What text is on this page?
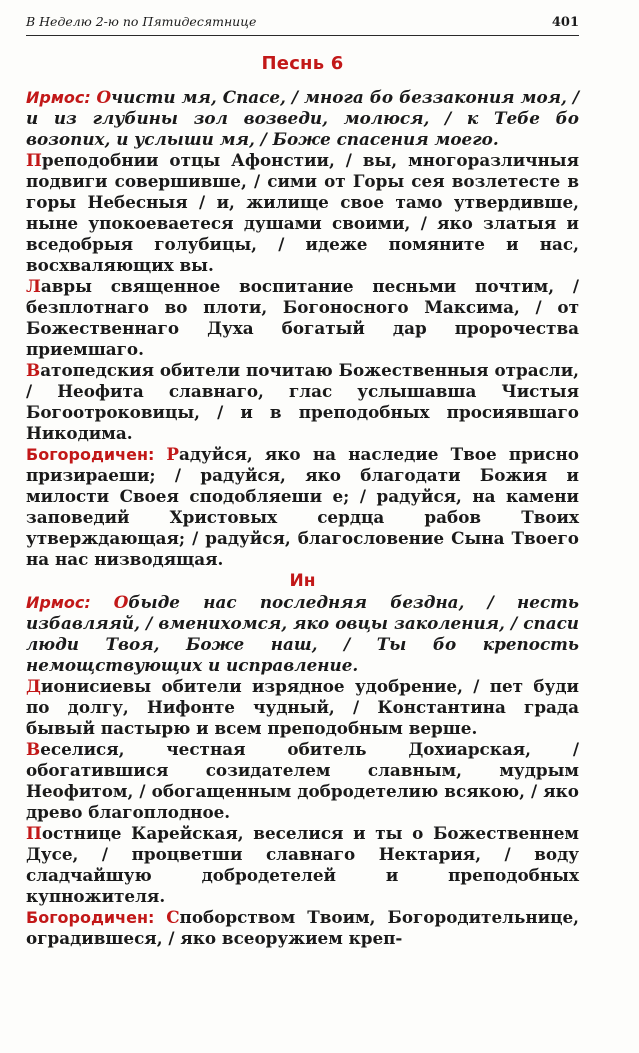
В Неделю 2-ю по Пятидесятнице	401
Песнь 6

Ирмос: Очисти мя, Спасе, / многа бо беззакония моя, / и из глубины зол возведи, молюся, / к Тебе бо возопих, и услыши мя, / Боже спасения моего.

Преподобнии отцы Афонстии, / вы, многоразличныя подвиги совершивше, / сими от Горы сея возлетесте в горы Небесныя / и, жилище свое тамо утвердивше, ныне упокоеваетеся душами своими, / яко златыя и вседобрыя голубицы, / идеже помяните и нас, восхваляющих вы.

Лавры священное воспитание песньми почтим, / безплотнаго во плоти, Богоносного Максима, / от Божественнаго Духа богатый дар пророчества приемшаго.

Ватопедския обители почитаю Божественныя отрасли, / Неофита славнаго, глас услышавша Чистыя Богоотроковицы, / и в преподобных просиявшаго Никодима.

Богородичен: Радуйся, яко на наследие Твое присно призираеши; / радуйся, яко благодати Божия и милости Своея сподобляеши е; / радуйся, на камени заповедий Христовых сердца рабов Твоих утверждающая; / радуйся, благословение Сына Твоего на нас низводящая.

Ин

Ирмос: Обыде нас последняя бездна, / несть избавляяй, / вменихомся, яко овцы заколения, / спаси люди Твоя, Боже наш, / Ты бо крепость немощствующих и исправление.

Дионисиевы обители изрядное удобрение, / пет буди по долгу, Нифонте чудный, / Константина града бывый пастырю и всем преподобным верше.

Веселися, честная обитель Дохиарская, / обогатившися созидателем славным, мудрым Неофитом, / обогащенным добродетелию всякою, / яко древо благоплодное.

Постнице Карейская, веселися и ты о Божественнем Дусе, / процветши славнаго Нектария, / воду сладчайшую добродетелей и преподобных купножителя.

Богородичен: Споборством Твоим, Богородительнице, оградившеся, / яко всеоружием креп-
